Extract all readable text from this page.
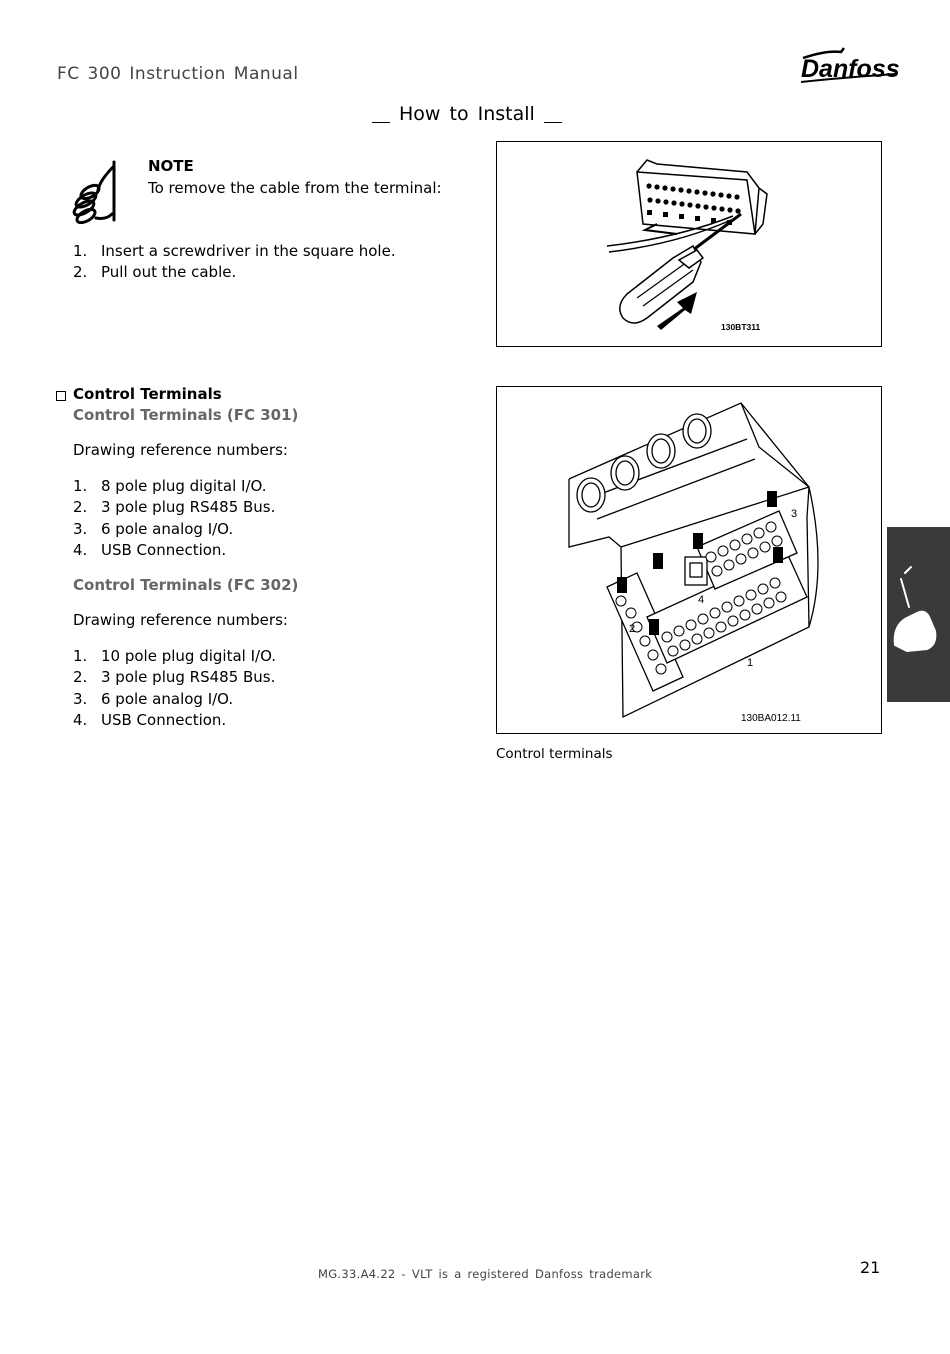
FC 300 Instruction Manual	Danfoss
How to Install
NOTE
To remove the cable from the terminal:
1. Insert a screwdriver in the square hole.
2. Pull out the cable.
130BT311
Control Terminals
Control Terminals (FC 301)
Drawing reference numbers:
1. 8 pole plug digital I/O.
2. 3 pole plug RS485 Bus.
3. 6 pole analog I/O.
4. USB Connection.
Control Terminals (FC 302)
Drawing reference numbers:
1. 10 pole plug digital I/O.
2. 3 pole plug RS485 Bus.
3. 6 pole analog I/O.
4. USB Connection.
3
4
2
1
130BA012.11
Control terminals
MG.33.A4.22 - VLT is a registered Danfoss trademark	21
